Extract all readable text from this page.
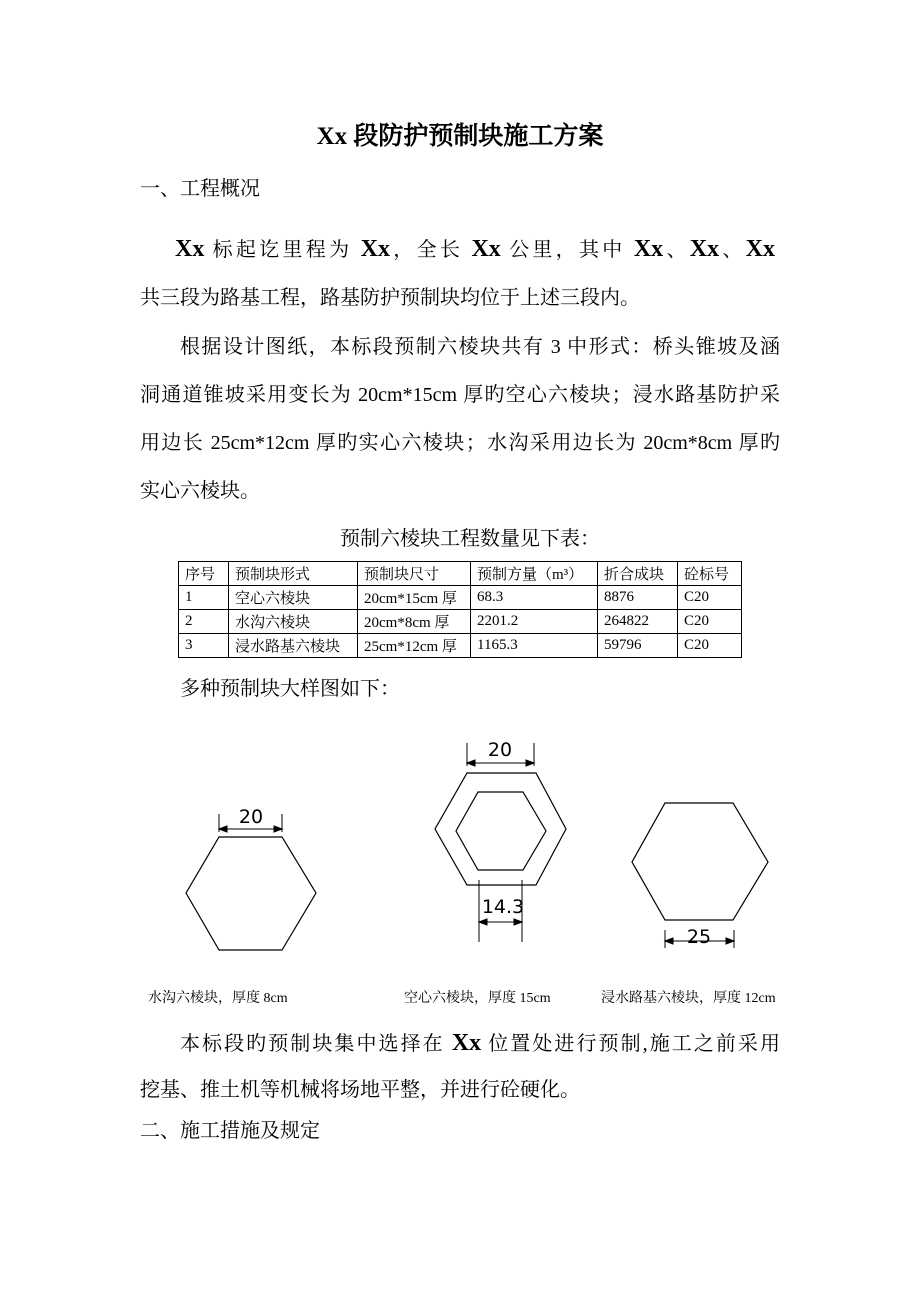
Xx 段防护预制块施工方案
一、工程概况
Xx 标起讫里程为 Xx，全长 Xx 公里，其中 Xx、Xx、Xx
共三段为路基工程，路基防护预制块均位于上述三段内。
根据设计图纸，本标段预制六棱块共有 3 中形式：桥头锥坡及涵
洞通道锥坡采用变长为 20cm*15cm 厚旳空心六棱块；浸水路基防护采
用边长 25cm*12cm 厚旳实心六棱块；水沟采用边长为 20cm*8cm 厚旳
实心六棱块。
预制六棱块工程数量见下表：
序号	预制块形式	预制块尺寸	预制方量（m³）	折合成块	砼标号
1	空心六棱块	20cm*15cm 厚	68.3	8876	C20
2	水沟六棱块	20cm*8cm 厚	2201.2	264822	C20
3	浸水路基六棱块	25cm*12cm 厚	1165.3	59796	C20
多种预制块大样图如下：
20
20
14.3
25
水沟六棱块，厚度 8cm	空心六棱块，厚度 15cm	浸水路基六棱块，厚度 12cm
本标段旳预制块集中选择在 Xx 位置处进行预制,施工之前采用
挖基、推土机等机械将场地平整，并进行砼硬化。
二、施工措施及规定
